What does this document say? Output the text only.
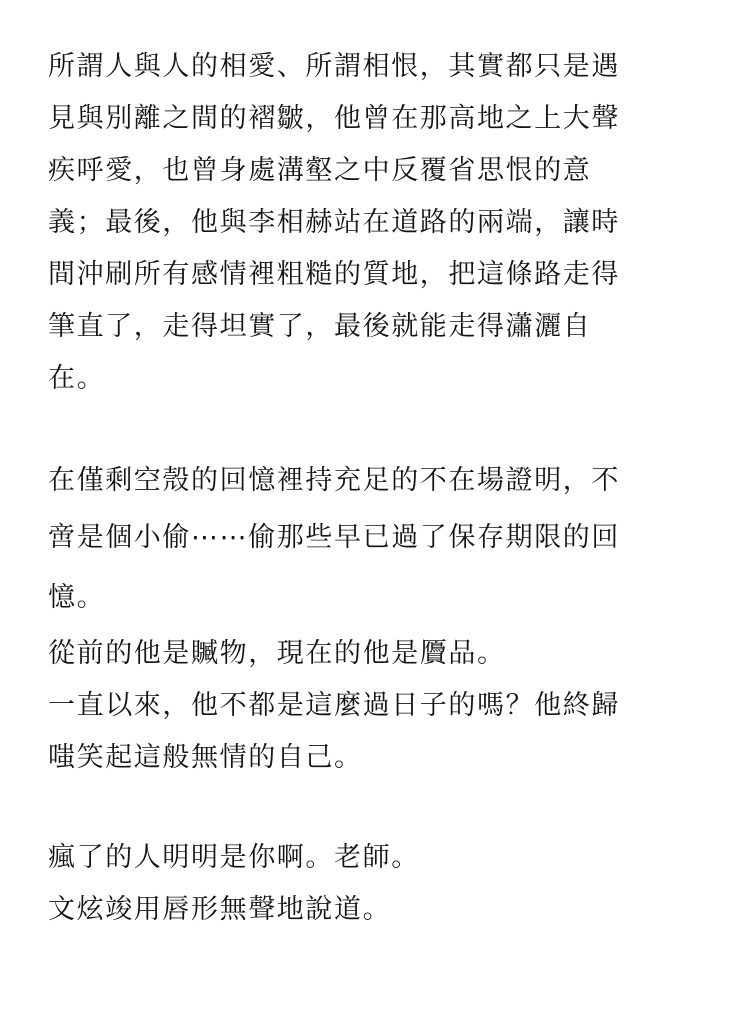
所謂人與人的相愛、所謂相恨，其實都只是遇

見與別離之間的褶皺，他曾在那高地之上大聲

疾呼愛，也曾身處溝壑之中反覆省思恨的意

義；最後，他與李相赫站在道路的兩端，讓時

間沖刷所有感情裡粗糙的質地，把這條路走得

筆直了，走得坦實了，最後就能走得瀟灑自

在。

在僅剩空殼的回憶裡持充足的不在場證明，不

啻是個小偷⋯⋯偷那些早已過了保存期限的回

憶。

從前的他是贓物，現在的他是贗品。

一直以來，他不都是這麼過日子的嗎？他終歸

嗤笑起這般無情的自己。

瘋了的人明明是你啊。老師。

文炫竣用唇形無聲地說道。
